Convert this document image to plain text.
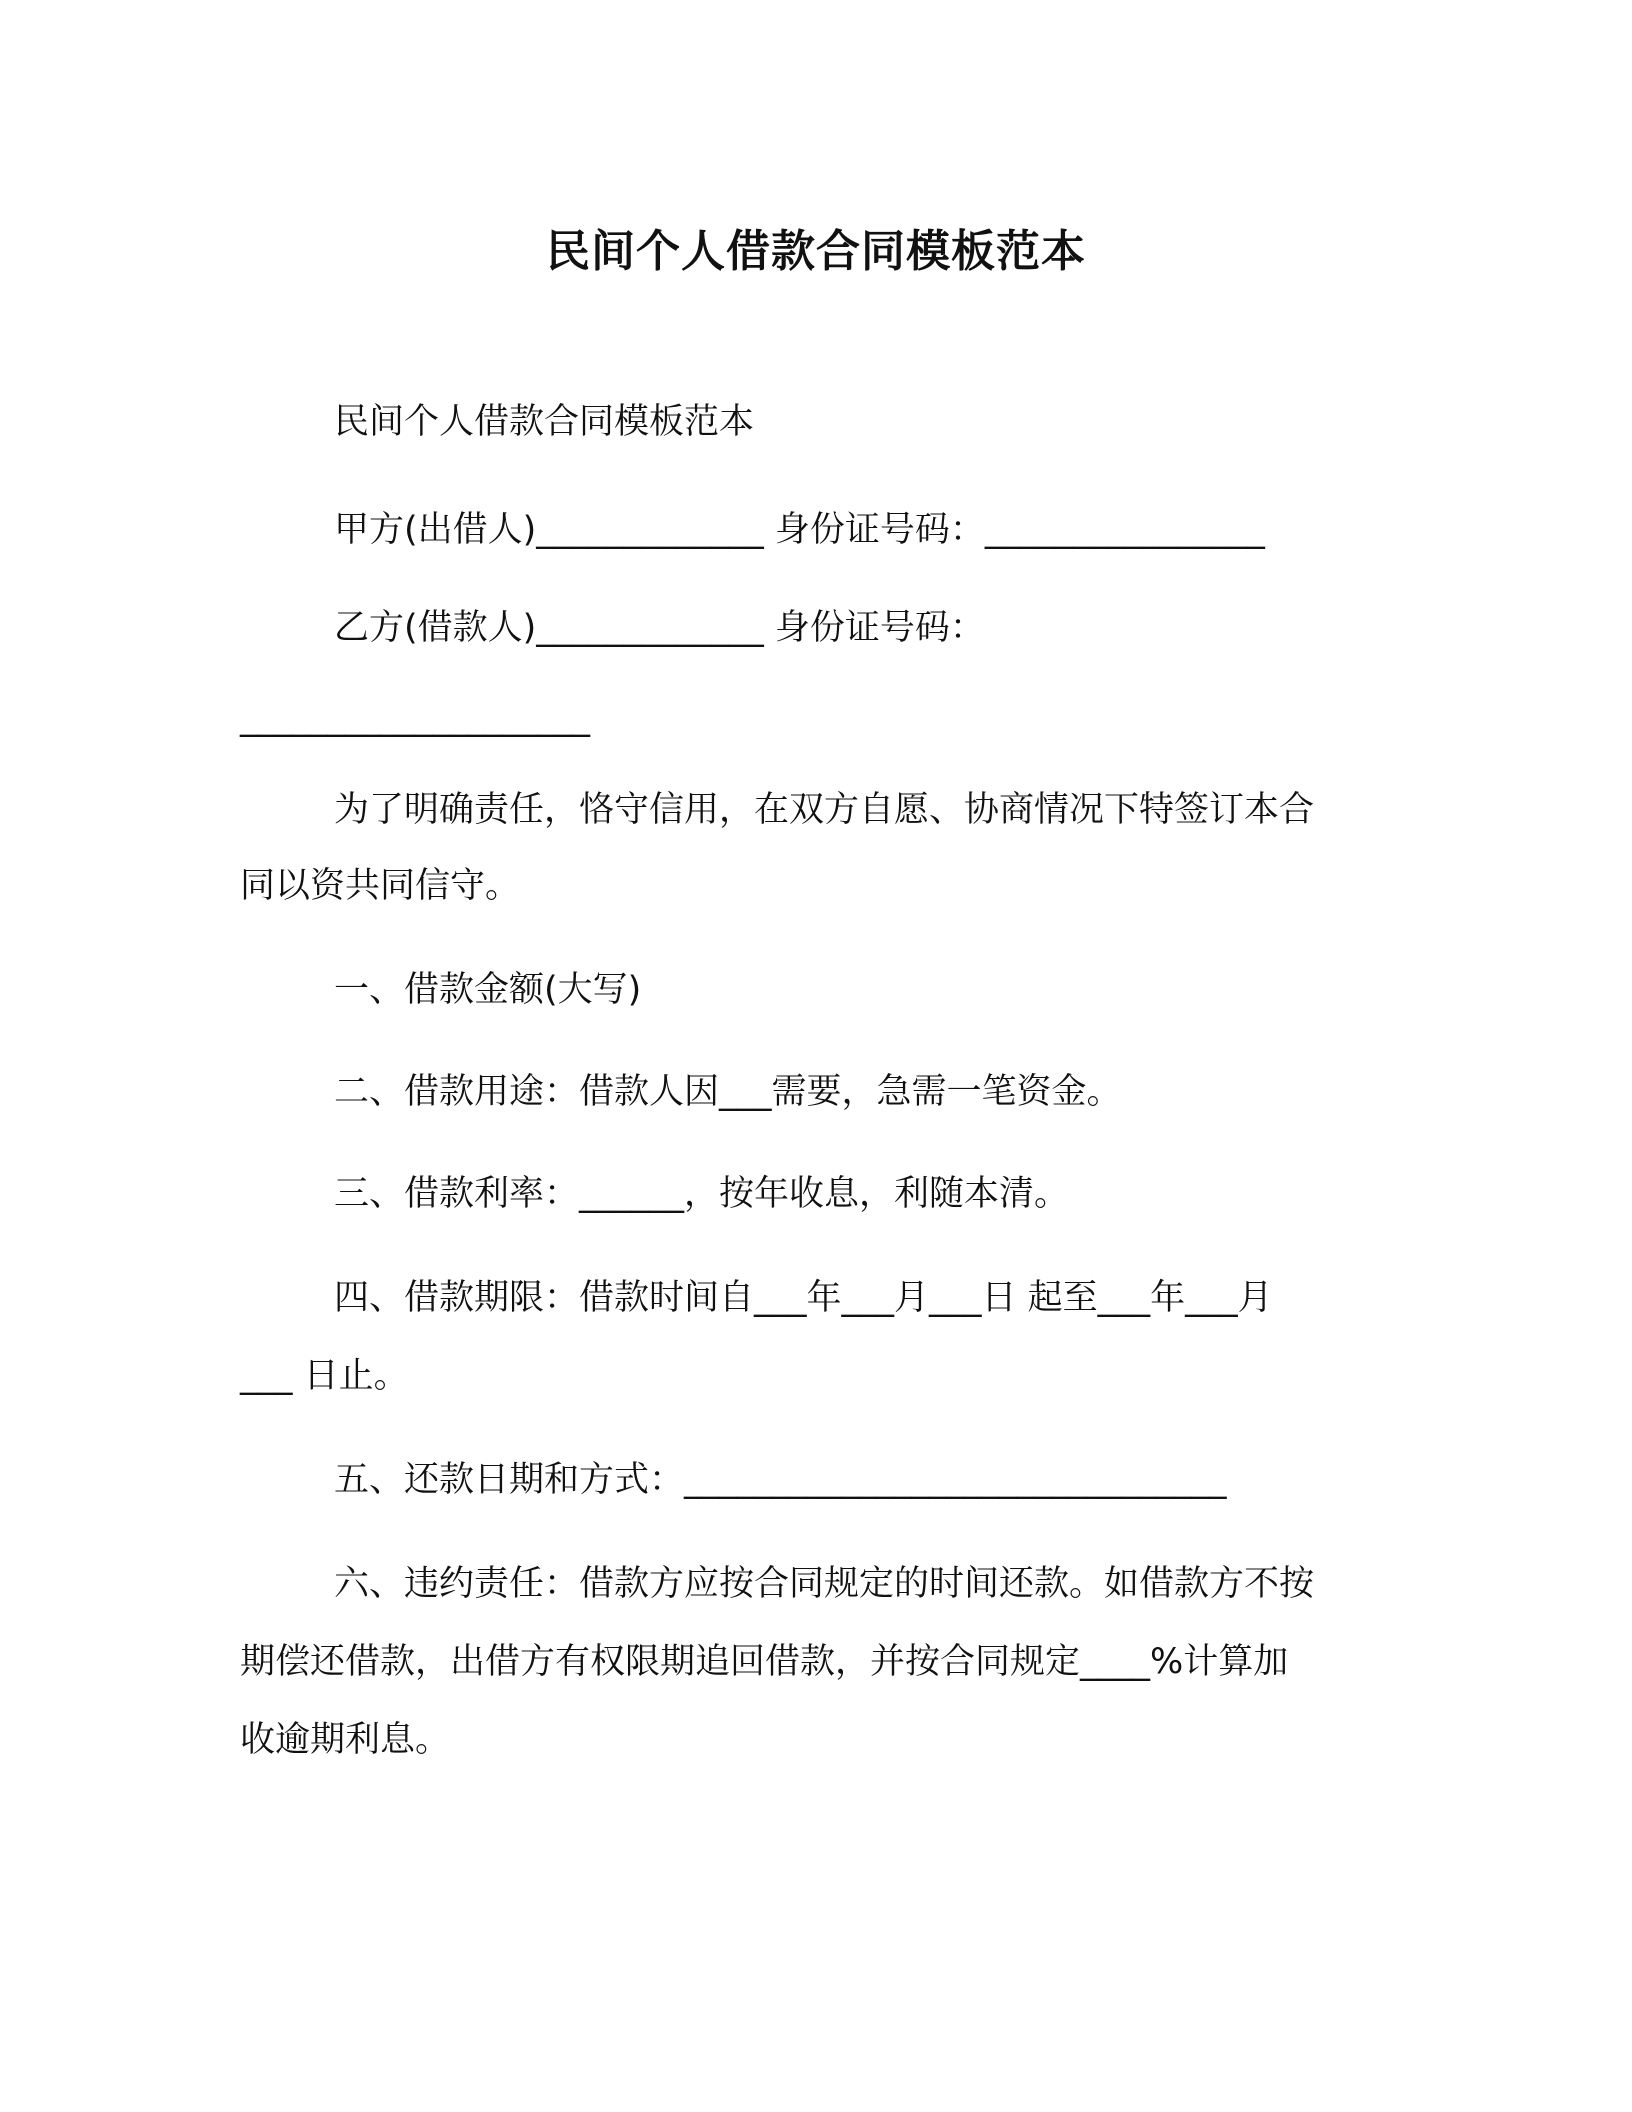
民间个人借款合同模板范本
民间个人借款合同模板范本
甲方(出借人)_____________ 身份证号码：________________
乙方(借款人)_____________ 身份证号码：
____________________
为了明确责任，恪守信用，在双方自愿、协商情况下特签订本合
同以资共同信守。
一、借款金额(大写)
二、借款用途：借款人因___需要，急需一笔资金。
三、借款利率：______，按年收息，利随本清。
四、借款期限：借款时间自___年___月___日 起至___年___月
___ 日止。
五、还款日期和方式：_______________________________
六、违约责任：借款方应按合同规定的时间还款。如借款方不按
期偿还借款，出借方有权限期追回借款，并按合同规定____%计算加
收逾期利息。
